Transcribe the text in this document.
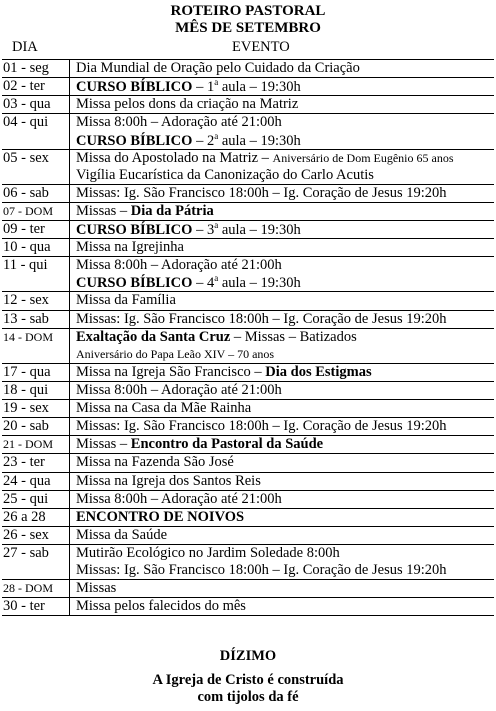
ROTEIRO PASTORAL
MÊS DE SETEMBRO
DIA	EVENTO
01 - seg	Dia Mundial de Oração pelo Cuidado da Criação
02 - ter	CURSO BÍBLICO – 1$^a$ aula – 19:30h
03 - qua	Missa pelos dons da criação na Matriz
04 - qui	Missa 8:00h – Adoração até 21:00h
CURSO BÍBLICO – 2$^a$ aula – 19:30h
05 - sex	Missa do Apostolado na Matriz – Aniversário de Dom Eugênio 65 anos
Vigília Eucarística da Canonização do Carlo Acutis
06 - sab	Missas: Ig. São Francisco 18:00h – Ig. Coração de Jesus 19:20h
07 - DOM	Missas – Dia da Pátria
09 - ter	CURSO BÍBLICO – 3$^a$ aula – 19:30h
10 - qua	Missa na Igrejinha
11 - qui	Missa 8:00h – Adoração até 21:00h
CURSO BÍBLICO – 4$^a$ aula – 19:30h
12 - sex	Missa da Família
13 - sab	Missas: Ig. São Francisco 18:00h – Ig. Coração de Jesus 19:20h
14 - DOM	Exaltação da Santa Cruz – Missas – Batizados
Aniversário do Papa Leão XIV – 70 anos
17 - qua	Missa na Igreja São Francisco – Dia dos Estigmas
18 - qui	Missa 8:00h – Adoração até 21:00h
19 - sex	Missa na Casa da Mãe Rainha
20 - sab	Missas: Ig. São Francisco 18:00h – Ig. Coração de Jesus 19:20h
21 - DOM	Missas – Encontro da Pastoral da Saúde
23 - ter	Missa na Fazenda São José
24 - qua	Missa na Igreja dos Santos Reis
25 - qui	Missa 8:00h – Adoração até 21:00h
26 a 28	ENCONTRO DE NOIVOS
26 - sex	Missa da Saúde
27 - sab	Mutirão Ecológico no Jardim Soledade 8:00h
Missas: Ig. São Francisco 18:00h – Ig. Coração de Jesus 19:20h
28 - DOM	Missas
30 - ter	Missa pelos falecidos do mês
DÍZIMO
A Igreja de Cristo é construída
com tijolos da fé
